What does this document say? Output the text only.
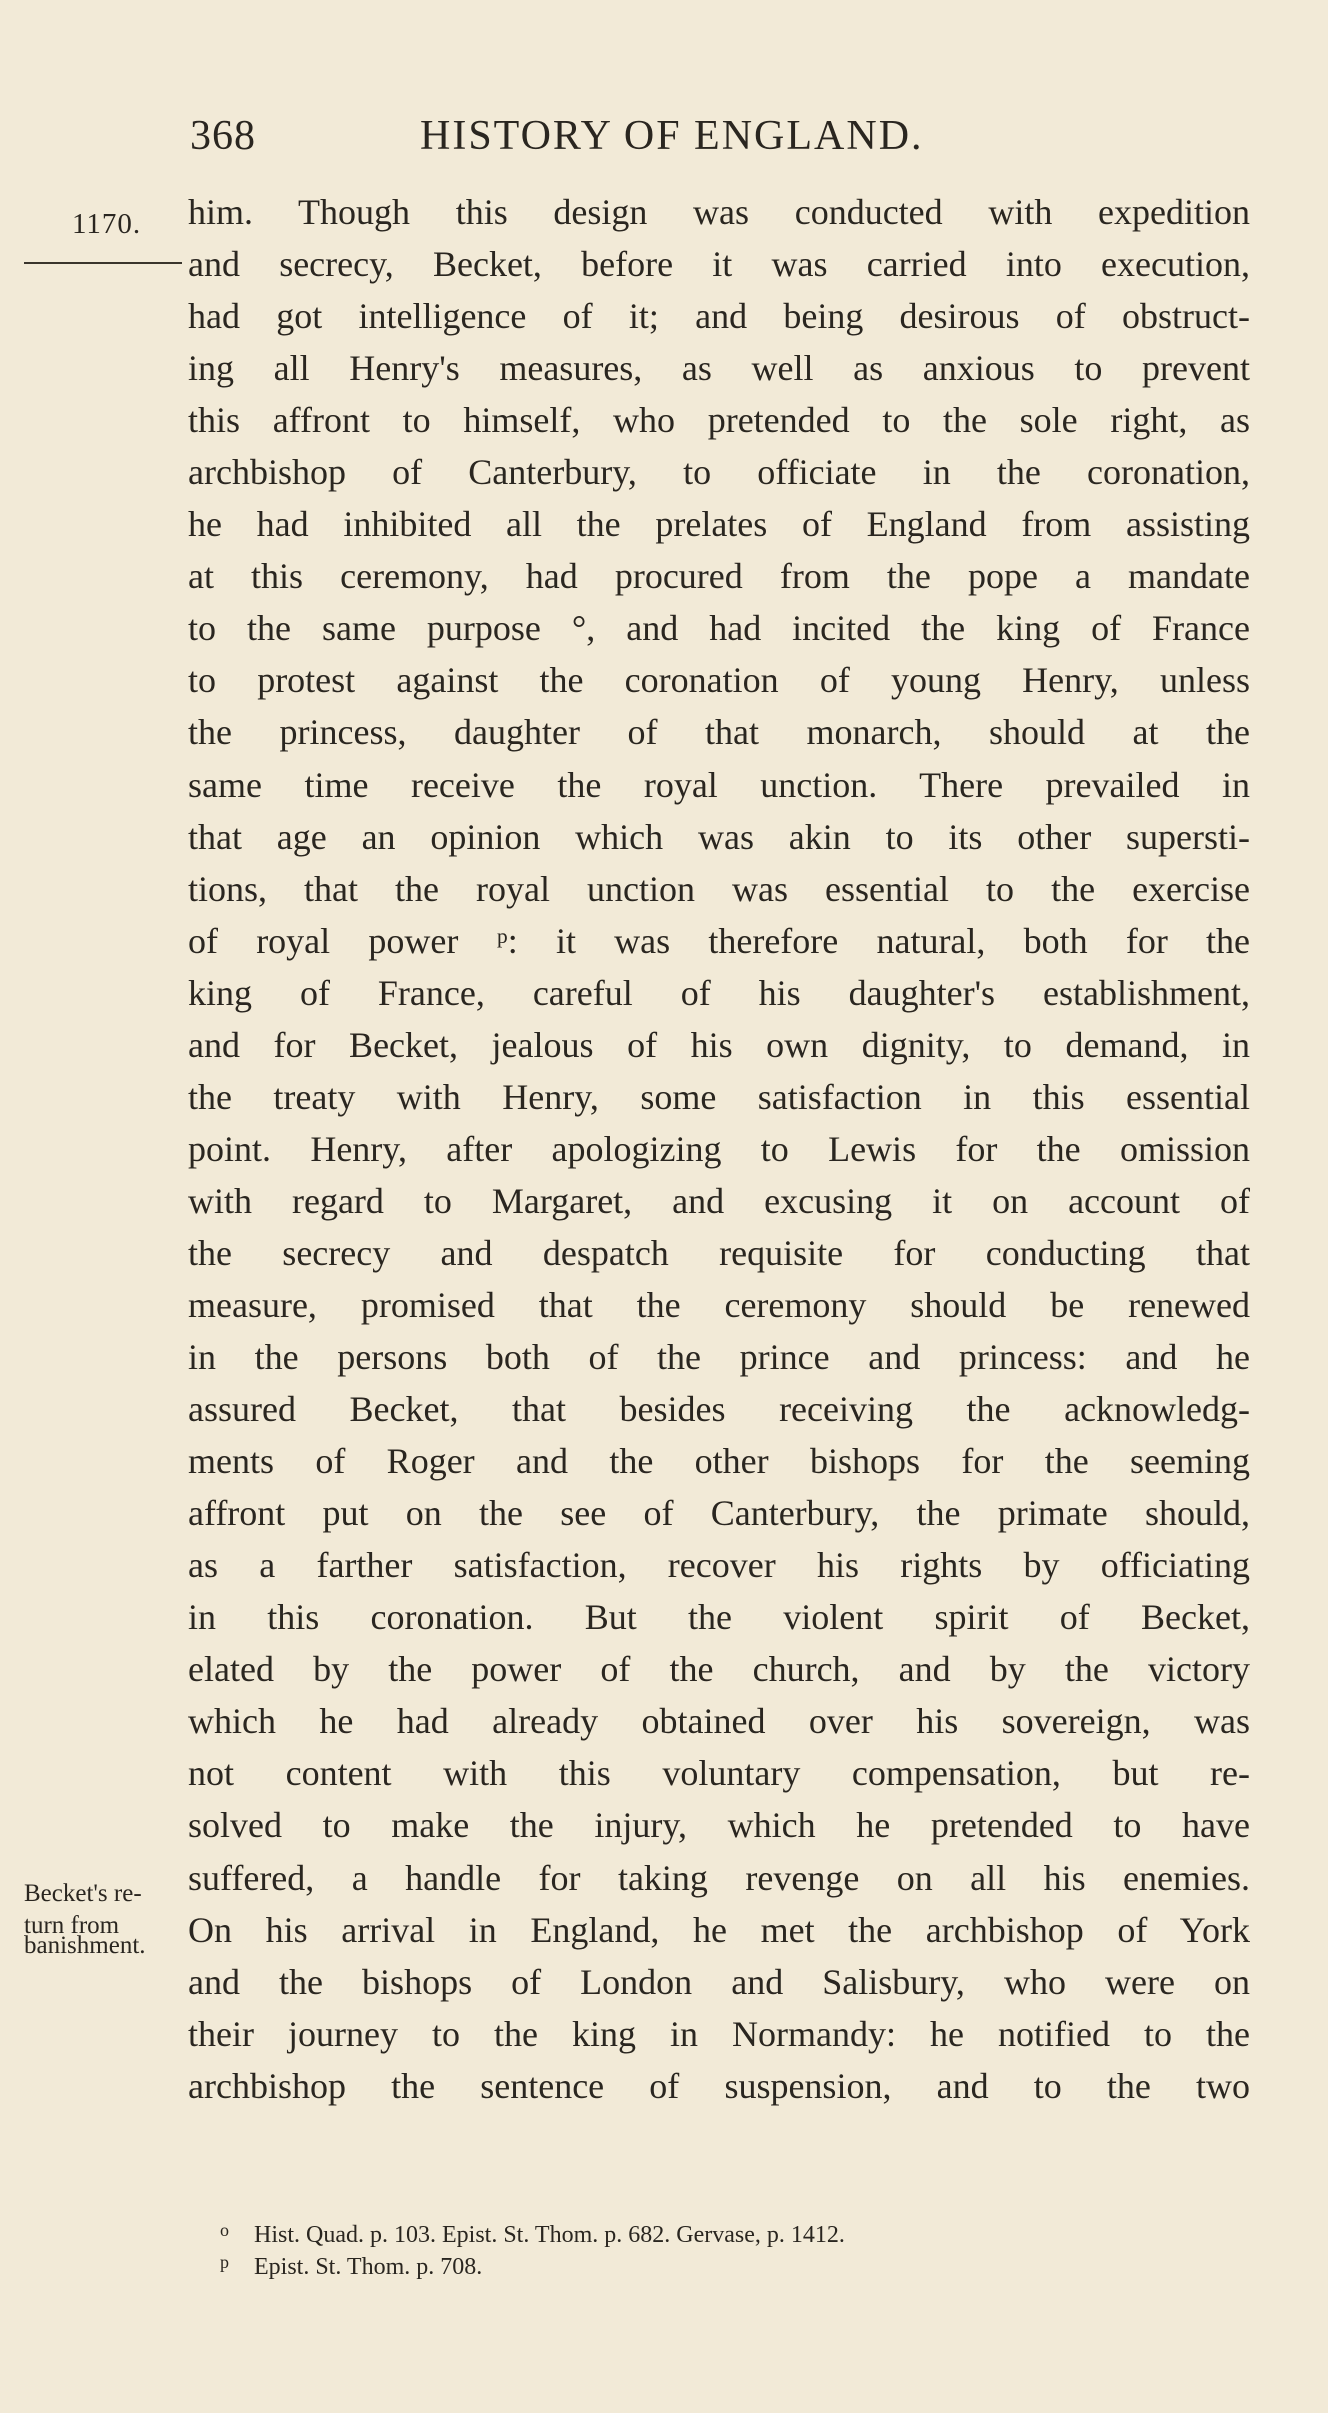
368	HISTORY OF ENGLAND.
1170. him. Though this design was conducted with expedition
and secrecy, Becket, before it was carried into execution,
had got intelligence of it; and being desirous of obstruct-
ing all Henry's measures, as well as anxious to prevent
this affront to himself, who pretended to the sole right, as
archbishop of Canterbury, to officiate in the coronation,
he had inhibited all the prelates of England from assisting
at this ceremony, had procured from the pope a mandate
to the same purpose °, and had incited the king of France
to protest against the coronation of young Henry, unless
the princess, daughter of that monarch, should at the
same time receive the royal unction. There prevailed in
that age an opinion which was akin to its other supersti-
tions, that the royal unction was essential to the exercise
of royal power ᵖ: it was therefore natural, both for the
king of France, careful of his daughter's establishment,
and for Becket, jealous of his own dignity, to demand, in
the treaty with Henry, some satisfaction in this essential
point. Henry, after apologizing to Lewis for the omission
with regard to Margaret, and excusing it on account of
the secrecy and despatch requisite for conducting that
measure, promised that the ceremony should be renewed
in the persons both of the prince and princess: and he
assured Becket, that besides receiving the acknowledg-
ments of Roger and the other bishops for the seeming
affront put on the see of Canterbury, the primate should,
as a farther satisfaction, recover his rights by officiating
in this coronation. But the violent spirit of Becket,
elated by the power of the church, and by the victory
which he had already obtained over his sovereign, was
not content with this voluntary compensation, but re-
solved to make the injury, which he pretended to have
suffered, a handle for taking revenge on all his enemies.
On his arrival in England, he met the archbishop of York
and the bishops of London and Salisbury, who were on
their journey to the king in Normandy: he notified to the
archbishop the sentence of suspension, and to the two
Becket's re-
turn from
banishment.
o Hist. Quad. p. 103. Epist. St. Thom. p. 682. Gervase, p. 1412.
p Epist. St. Thom. p. 708.
